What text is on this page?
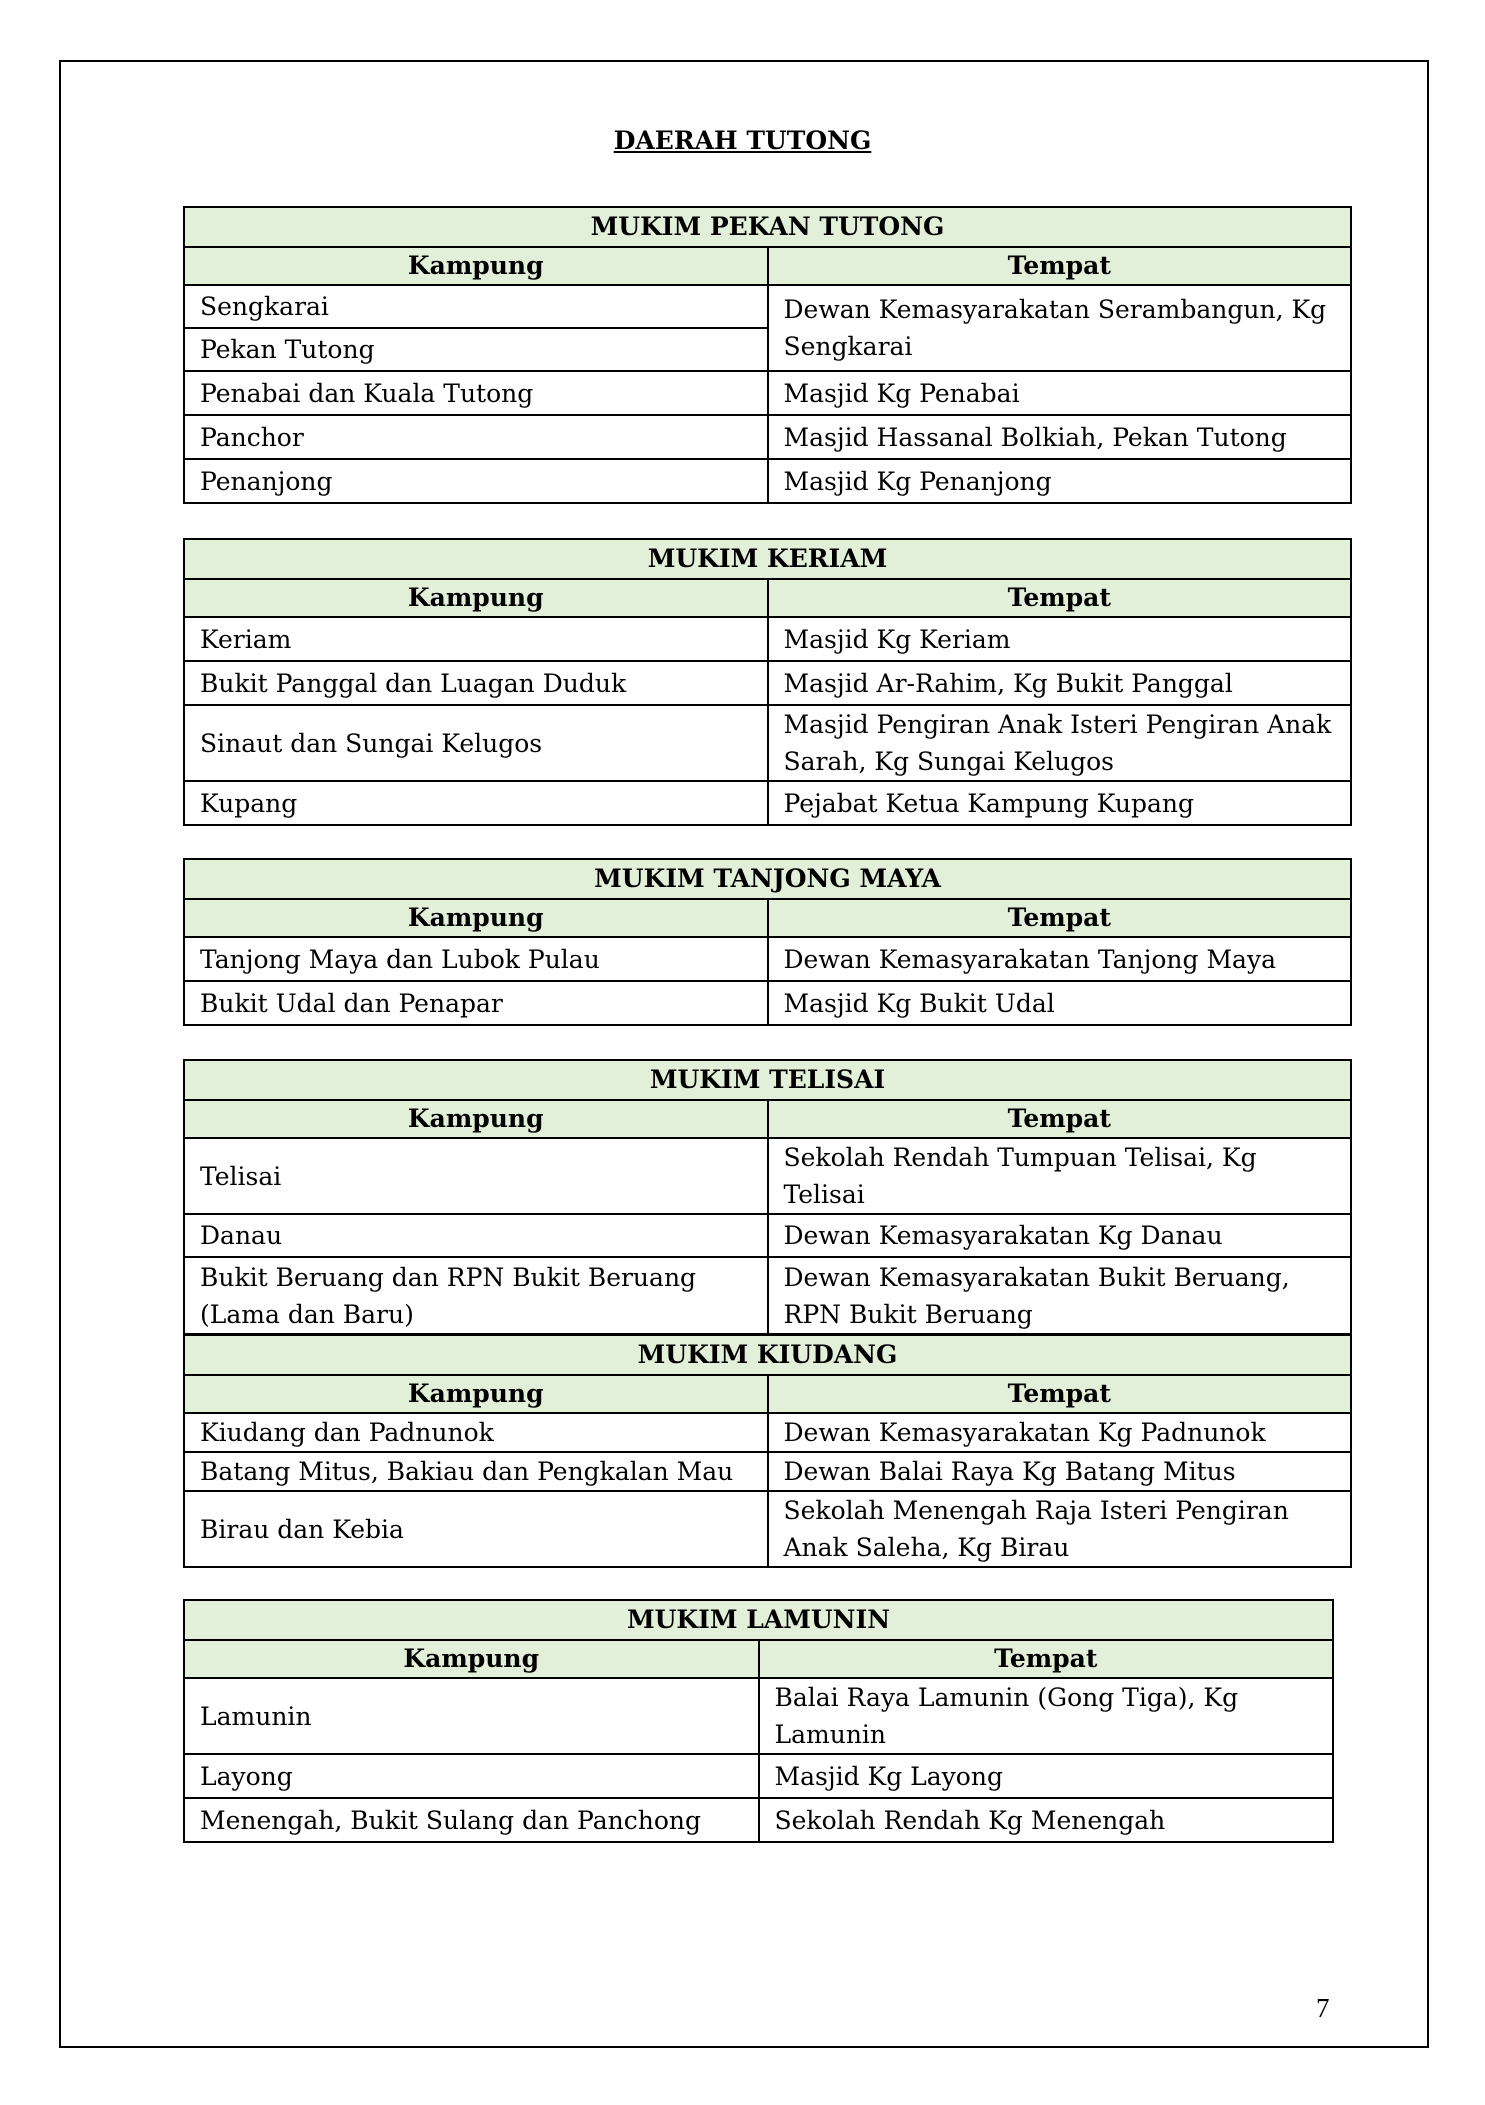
DAERAH TUTONG
MUKIM PEKAN TUTONG	
Kampung	Tempat
Sengkarai	Dewan Kemasyarakatan Serambangun, Kg Sengkarai
Pekan Tutong	
Penabai dan Kuala Tutong	Masjid Kg Penabai
Panchor	Masjid Hassanal Bolkiah, Pekan Tutong
Penanjong	Masjid Kg Penanjong
MUKIM KERIAM	
Kampung	Tempat
Keriam	Masjid Kg Keriam
Bukit Panggal dan Luagan Duduk	Masjid Ar-Rahim, Kg Bukit Panggal
Sinaut dan Sungai Kelugos	Masjid Pengiran Anak Isteri Pengiran Anak Sarah, Kg Sungai Kelugos
Kupang	Pejabat Ketua Kampung Kupang
MUKIM TANJONG MAYA	
Kampung	Tempat
Tanjong Maya dan Lubok Pulau	Dewan Kemasyarakatan Tanjong Maya
Bukit Udal dan Penapar	Masjid Kg Bukit Udal
MUKIM TELISAI	
Kampung	Tempat
Telisai	Sekolah Rendah Tumpuan Telisai, Kg Telisai
Danau	Dewan Kemasyarakatan Kg Danau
Bukit Beruang dan RPN Bukit Beruang (Lama dan Baru)	Dewan Kemasyarakatan Bukit Beruang, RPN Bukit Beruang
MUKIM KIUDANG	
Kampung	Tempat
Kiudang dan Padnunok	Dewan Kemasyarakatan Kg Padnunok
Batang Mitus, Bakiau dan Pengkalan Mau	Dewan Balai Raya Kg Batang Mitus
Birau dan Kebia	Sekolah Menengah Raja Isteri Pengiran Anak Saleha, Kg Birau
MUKIM LAMUNIN	
Kampung	Tempat
Lamunin	Balai Raya Lamunin (Gong Tiga), Kg Lamunin
Layong	Masjid Kg Layong
Menengah, Bukit Sulang dan Panchong	Sekolah Rendah Kg Menengah
7
